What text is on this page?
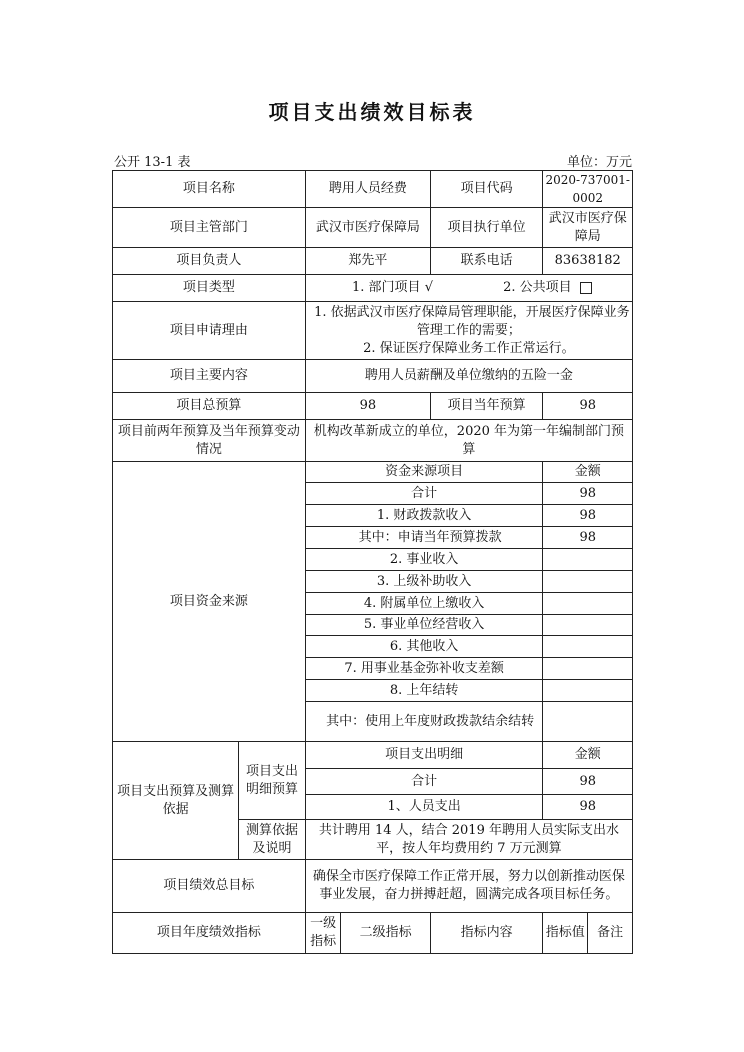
项目支出绩效目标表
公开 13-1 表	单位：万元
项目名称		聘用人员经费		项目代码	2020-737001-0002
项目主管部门		武汉市医疗保障局		项目执行单位	武汉市医疗保障局
项目负责人		郑先平		联系电话	83638182
项目类型		1. 部门项目 √ 2. 公共项目			
项目申请理由		1. 依据武汉市医疗保障局管理职能，开展医疗保障业务管理工作的需要；
2. 保证医疗保障业务工作正常运行。			

项目主要内容		聘用人员薪酬及单位缴纳的五险一金			
项目总预算		98		项目当年预算	98
项目前两年预算及当年预算变动情况		机构改革新成立的单位，2020 年为第一年编制部门预算			
项目资金来源		资金来源项目			金额
		合计			98
		1. 财政拨款收入			98
		其中：申请当年预算拨款			98
		2. 事业收入			
		3. 上级补助收入			
		4. 附属单位上缴收入			
		5. 事业单位经营收入			
		6. 其他收入			
		7. 用事业基金弥补收支差额			
		8. 上年结转			
		其中：使用上年度财政拨款结余结转			
项目支出预算及测算依据	项目支出明细预算	项目支出明细			金额
		合计			98
		1、人员支出			98
	测算依据及说明	共计聘用 14 人，结合 2019 年聘用人员实际支出水平，按人年均费用约 7 万元测算			
项目绩效总目标		确保全市医疗保障工作正常开展，努力以创新推动医保事业发展，奋力拼搏赶超，圆满完成各项目标任务。			
项目年度绩效指标		一级指标	二级指标	指标内容	指标值 备注
